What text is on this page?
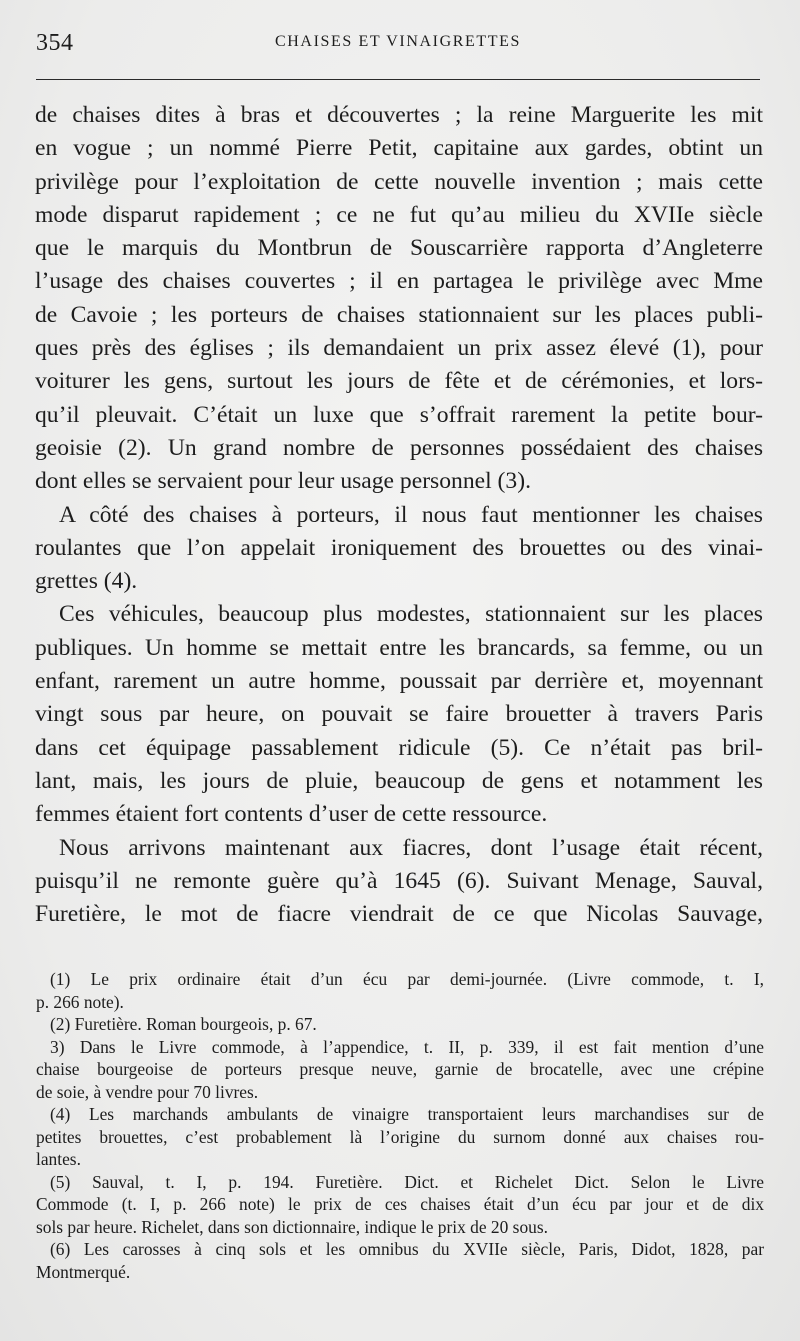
354	CHAISES ET VINAIGRETTES
de chaises dites à bras et découvertes ; la reine Marguerite les mit
en vogue ; un nommé Pierre Petit, capitaine aux gardes, obtint un
privilège pour l’exploitation de cette nouvelle invention ; mais cette
mode disparut rapidement ; ce ne fut qu’au milieu du XVIIe siècle
que le marquis du Montbrun de Souscarrière rapporta d’Angleterre
l’usage des chaises couvertes ; il en partagea le privilège avec Mme
de Cavoie ; les porteurs de chaises stationnaient sur les places publi-
ques près des églises ; ils demandaient un prix assez élevé (1), pour
voiturer les gens, surtout les jours de fête et de cérémonies, et lors-
qu’il pleuvait. C’était un luxe que s’offrait rarement la petite bour-
geoisie (2). Un grand nombre de personnes possédaient des chaises
dont elles se servaient pour leur usage personnel (3).
A côté des chaises à porteurs, il nous faut mentionner les chaises
roulantes que l’on appelait ironiquement des brouettes ou des vinai-
grettes (4).
Ces véhicules, beaucoup plus modestes, stationnaient sur les places
publiques. Un homme se mettait entre les brancards, sa femme, ou un
enfant, rarement un autre homme, poussait par derrière et, moyennant
vingt sous par heure, on pouvait se faire brouetter à travers Paris
dans cet équipage passablement ridicule (5). Ce n’était pas bril-
lant, mais, les jours de pluie, beaucoup de gens et notamment les
femmes étaient fort contents d’user de cette ressource.
Nous arrivons maintenant aux fiacres, dont l’usage était récent,
puisqu’il ne remonte guère qu’à 1645 (6). Suivant Menage, Sauval,
Furetière, le mot de fiacre viendrait de ce que Nicolas Sauvage,
(1) Le prix ordinaire était d’un écu par demi-journée. (Livre commode, t. I,
p. 266 note).
(2) Furetière. Roman bourgeois, p. 67.
3) Dans le Livre commode, à l’appendice, t. II, p. 339, il est fait mention d’une
chaise bourgeoise de porteurs presque neuve, garnie de brocatelle, avec une crépine
de soie, à vendre pour 70 livres.
(4) Les marchands ambulants de vinaigre transportaient leurs marchandises sur de
petites brouettes, c’est probablement là l’origine du surnom donné aux chaises rou-
lantes.
(5) Sauval, t. I, p. 194. Furetière. Dict. et Richelet Dict. Selon le Livre
Commode (t. I, p. 266 note) le prix de ces chaises était d’un écu par jour et de dix
sols par heure. Richelet, dans son dictionnaire, indique le prix de 20 sous.
(6) Les carosses à cinq sols et les omnibus du XVIIe siècle, Paris, Didot, 1828, par
Montmerqué.
